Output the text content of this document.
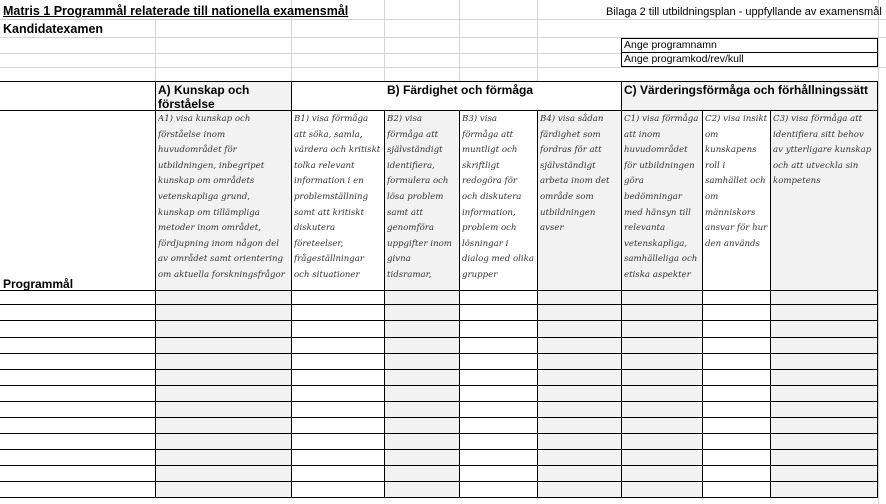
Matris 1 Programmål relaterade till nationella examensmål
Kandidatexamen
Bilaga 2 till utbildningsplan - uppfyllande av examensmål
Ange programnamn
Ange programkod/rev/kull
A) Kunskap och förståelse
B) Färdighet och förmåga	C) Värderingsförmåga och förhållningssätt
Programmål
A1) visa kunskap och förståelse inom huvudområdet för utbildningen, inbegripet kunskap om områdets vetenskapliga grund, kunskap om tillämpliga metoder inom området, fördjupning inom någon del av området samt orientering om aktuella forskningsfrågor
B1) visa förmåga att söka, samla, värdera och kritiskt tolka relevant information i en problemställning samt att kritiskt diskutera företeelser, frågeställningar och situationer
B2) visa förmåga att självständigt identifiera, formulera och lösa problem samt att genomföra uppgifter inom givna tidsramar,
B3) visa förmåga att muntligt och skriftligt redogöra för och diskutera information, problem och lösningar i dialog med olika grupper
B4) visa sådan färdighet som fordras för att självständigt arbeta inom det område som utbildningen avser
C1) visa förmåga att inom huvudområdet för utbildningen göra bedömningar med hänsyn till relevanta vetenskapliga, samhälleliga och etiska aspekter
C2) visa insikt om kunskapens roll i samhället och om människors ansvar för hur den används
C3) visa förmåga att identifiera sitt behov av ytterligare kunskap och att utveckla sin kompetens
